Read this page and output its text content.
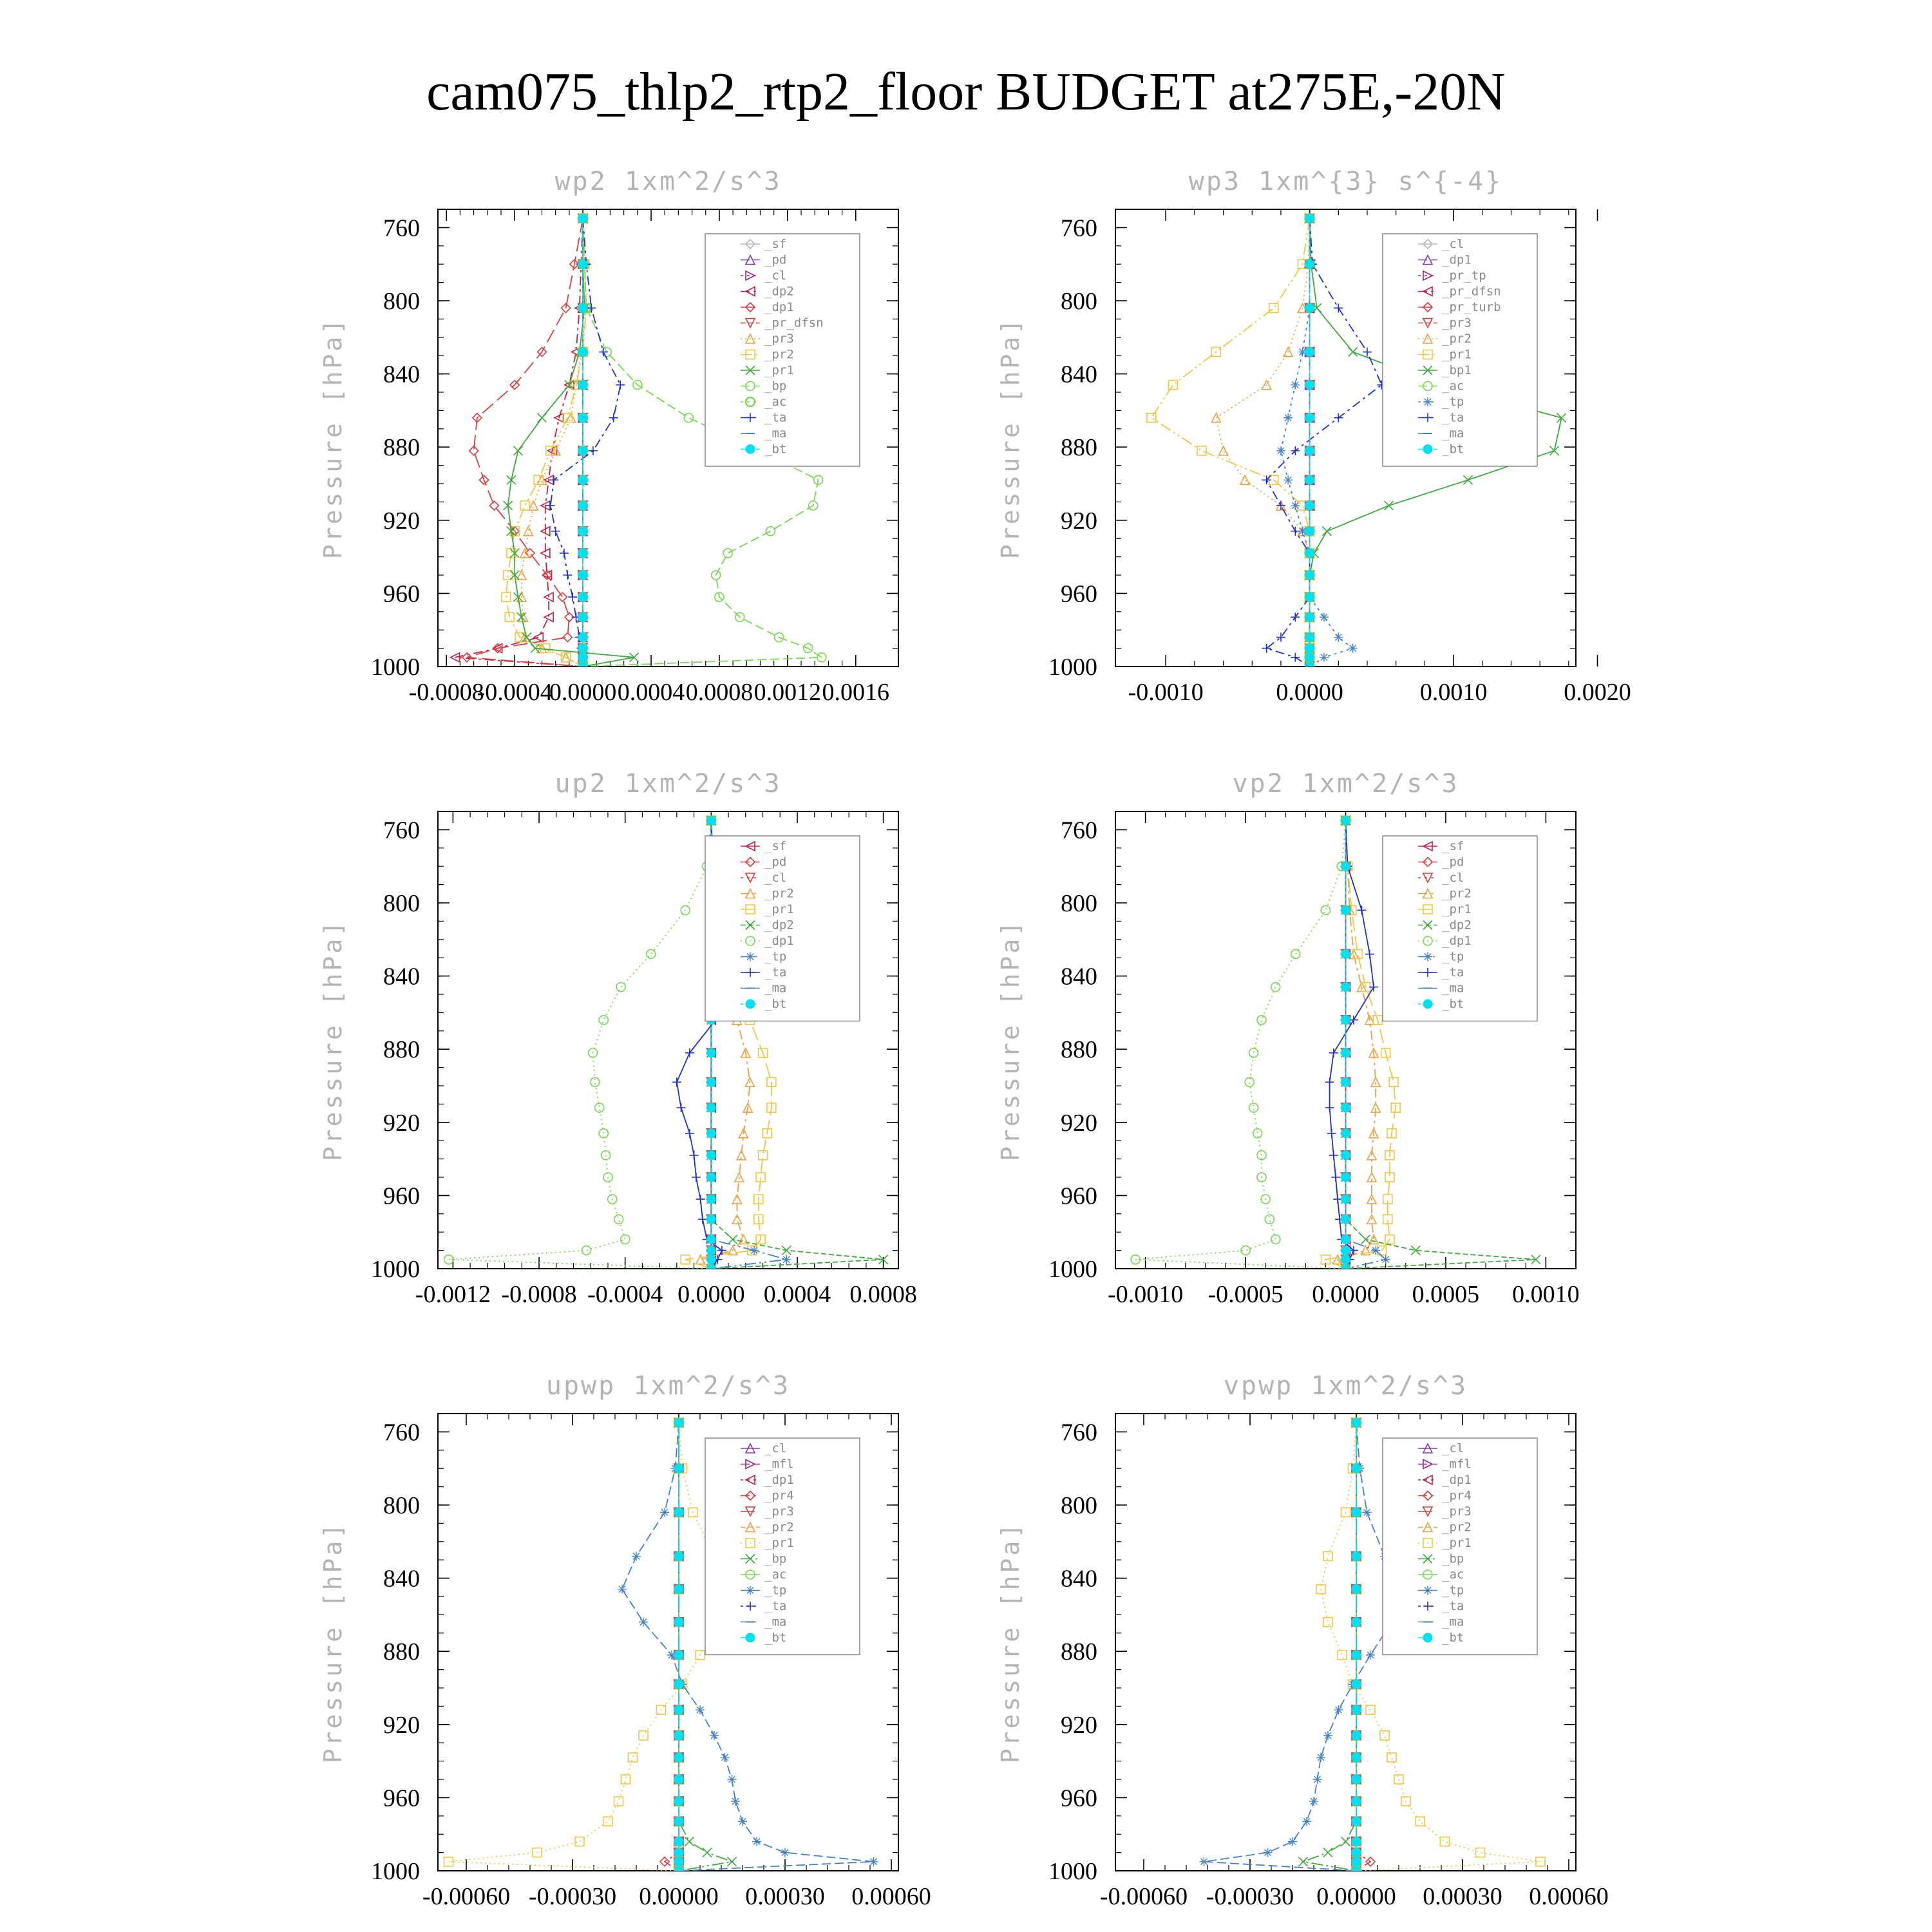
cam075_thlp2_rtp2_floor BUDGET at275E,-20N
wp2 1xm^2/s^3
760
800
840
880
920
960
1000
-0.0008
-0.0004
0.0000 0.0004 0.0008 0.0012 0.0016
Pressure [hPa]
_sf
_pd
_cl
_dp2
_dp1
_pr_dfsn
_pr3
_pr2
_pr1
_bp
_ac
_ta
_ma
_bt
wp3 1xm^{3} s^{-4}
760
800
840
880
920
960
1000
-0.0010	0.0000	0.0010	0.0020
Pressure [hPa]
_cl
_dp1
_pr_tp
_pr_dfsn
_pr_turb
_pr3
_pr2
_pr1
_bp1
_ac
_tp
_ta
_ma
_bt
up2 1xm^2/s^3
760
800
840
880
920
960
1000
-0.0012 -0.0008 -0.0004 0.0000 0.0004 0.0008
Pressure [hPa]
_sf
_pd
_cl
_pr2
_pr1
_dp2
_dp1
_tp
_ta
_ma
_bt
vp2 1xm^2/s^3
760
800
840
880
920
960
1000
-0.0010 -0.0005 0.0000 0.0005 0.0010
Pressure [hPa]
_sf
_pd
_cl
_pr2
_pr1
_dp2
_dp1
_tp
_ta
_ma
_bt
upwp 1xm^2/s^3
760
800
840
880
920
960
1000
-0.00060 -0.00030 0.00000 0.00030 0.00060
Pressure [hPa]
_cl
_mfl
_dp1
_pr4
_pr3
_pr2
_pr1
_bp
_ac
_tp
_ta
_ma
_bt
vpwp 1xm^2/s^3
760
800
840
880
920
960
1000
-0.00060 -0.00030 0.00000 0.00030 0.00060
Pressure [hPa]
_cl
_mfl
_dp1
_pr4
_pr3
_pr2
_pr1
_bp
_ac
_tp
_ta
_ma
_bt
